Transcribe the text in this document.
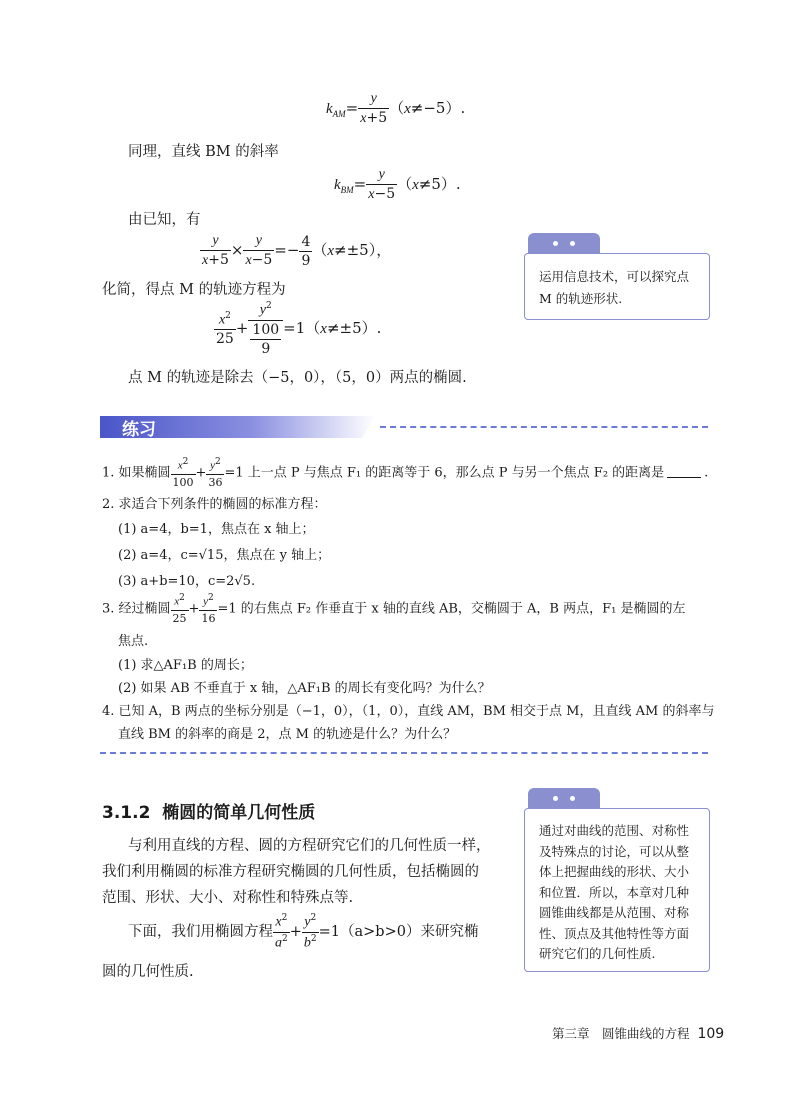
$k_{AM}= \frac{y}{x+5} (x\ne-5)$.
同理，直线 BM 的斜率
$k_{BM}= \frac{y}{x-5} (x\ne 5)$.
由已知，有
$\frac{y}{x+5} \times \frac{y}{x-5} =- \frac{4}{9} (x\ne\pm 5)$，
化简，得点 M 的轨迹方程为
$\frac{x^2}{25} + \frac{y^2}{\frac{100}{9}} =1(x\ne\pm 5)$.
点 M 的轨迹是除去（−5，0），（5，0）两点的椭圆.
运用信息技术，可以探究点 M 的轨迹形状.
练习
1. 如果椭圆 $\frac{x^2}{100} + \frac{y^2}{36} =1$ 上一点 P 与焦点 F₁ 的距离等于 6，那么点 P 与另一个焦点 F₂ 的距离是	.
2. 求适合下列条件的椭圆的标准方程：
(1) a=4，b=1，焦点在 x 轴上；
(2) a=4，c=√15，焦点在 y 轴上；
(3) a+b=10，c=2√5.
3. 经过椭圆 $\frac{x^2}{25} + \frac{y^2}{16} =1$ 的右焦点 F₂ 作垂直于 x 轴的直线 AB，交椭圆于 A，B 两点，F₁ 是椭圆的左
焦点.
(1) 求△AF₁B 的周长；
(2) 如果 AB 不垂直于 x 轴，△AF₁B 的周长有变化吗？为什么？
4. 已知 A，B 两点的坐标分别是（−1，0），（1，0），直线 AM，BM 相交于点 M，且直线 AM 的斜率与
直线 BM 的斜率的商是 2，点 M 的轨迹是什么？为什么？
3.1.2 椭圆的简单几何性质
与利用直线的方程、圆的方程研究它们的几何性质一样，
我们利用椭圆的标准方程研究椭圆的几何性质，包括椭圆的
范围、形状、大小、对称性和特殊点等.
下面，我们用椭圆方程 $\frac{x^2}{a^2} + \frac{y^2}{b^2} =1(a>b>0)$来研究椭
圆的几何性质.
通过对曲线的范围、对称性及特殊点的讨论，可以从整体上把握曲线的形状、大小和位置．所以，本章对几种圆锥曲线都是从范围、对称性、顶点及其他特性等方面研究它们的几何性质.
第三章　圆锥曲线的方程 109
